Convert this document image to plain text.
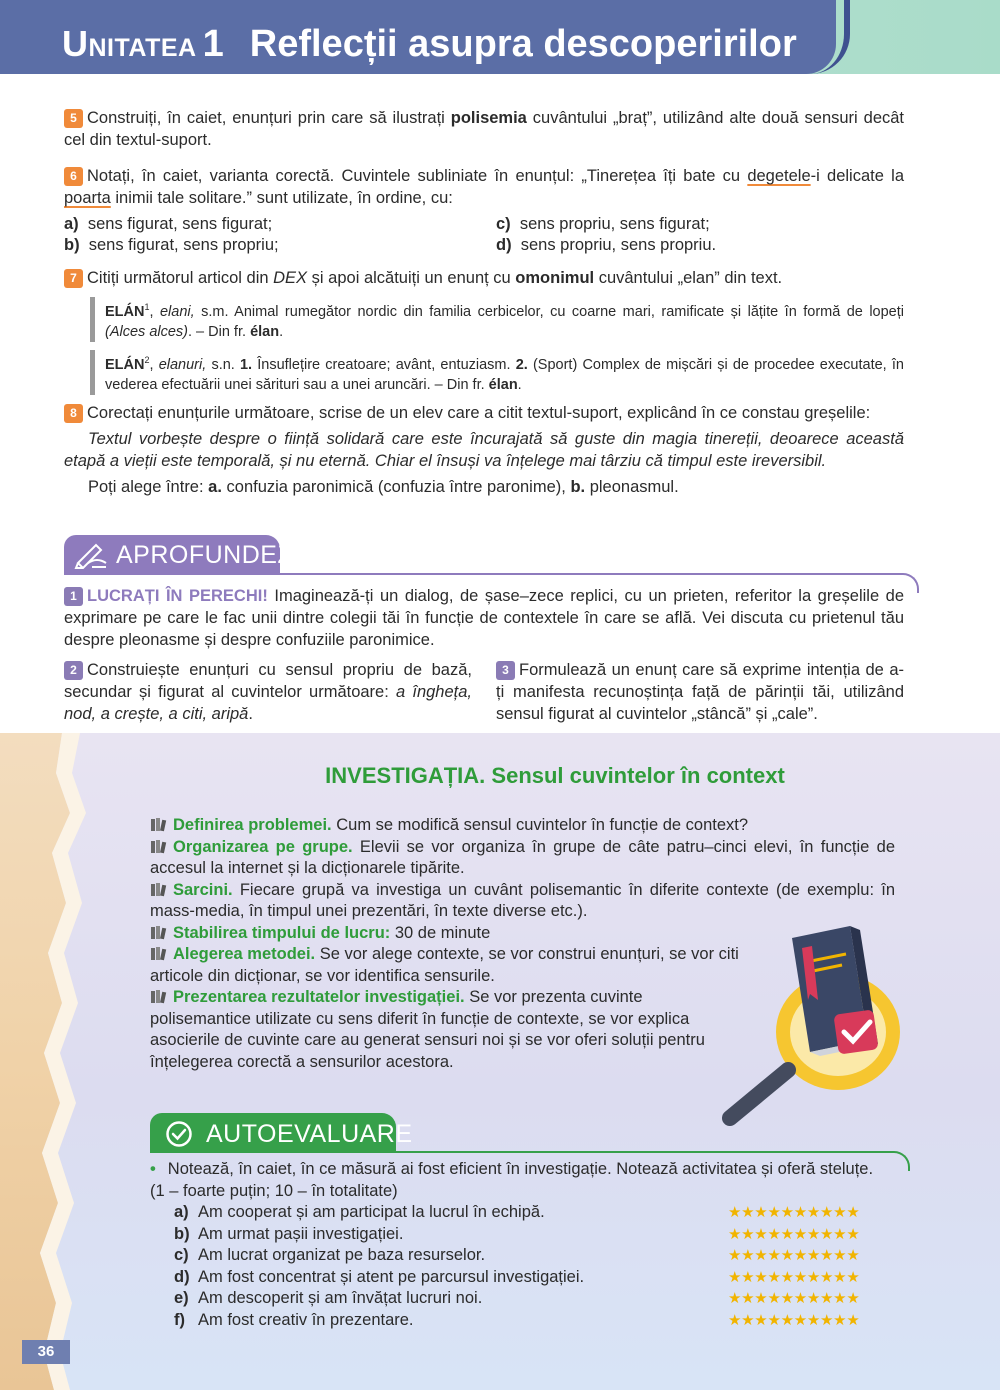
Unitatea 1 Reflecții asupra descoperirilor
5 Construiți, în caiet, enunțuri prin care să ilustrați polisemia cuvântului „braț”, utilizând alte două sensuri decât cel din textul-suport.
6 Notați, în caiet, varianta corectă. Cuvintele subliniate în enunțul: „Tinerețea îți bate cu degetele-i delicate la poarta inimii tale solitare.” sunt utilizate, în ordine, cu:
a) sens figurat, sens figurat;	c) sens propriu, sens figurat;
b) sens figurat, sens propriu;	d) sens propriu, sens propriu.
7 Citiți următorul articol din DEX și apoi alcătuiți un enunț cu omonimul cuvântului „elan” din text.
ELÁN$^1$, elani, s.m. Animal rumegător nordic din familia cerbicelor, cu coarne mari, ramificate și lățite în formă de lopeți (Alces alces). – Din fr. élan.
ELÁN$^2$, elanuri, s.n. 1. Însuflețire creatoare; avânt, entuziasm. 2. (Sport) Complex de mișcări și de procedee executate, în vederea efectuării unei sărituri sau a unei aruncări. – Din fr. élan.
8 Corectați enunțurile următoare, scrise de un elev care a citit textul-suport, explicând în ce constau greșelile:
Textul vorbește despre o ființă solidară care este încurajată să guste din magia tinereții, deoarece această etapă a vieții este temporală, și nu eternă. Chiar el însuși va înțelege mai târziu că timpul este ireversibil.
Poți alege între: a. confuzia paronimică (confuzia între paronime), b. pleonasmul.
APROFUNDEZ
1 LUCRAȚI ÎN PERECHI! Imaginează-ți un dialog, de șase–zece replici, cu un prieten, referitor la greșelile de exprimare pe care le fac unii dintre colegii tăi în funcție de contextele în care se află. Vei discuta cu prietenul tău despre pleonasme și despre confuziile paronimice.
2 Construiește enunțuri cu sensul propriu de bază, secundar și figurat al cuvintelor următoare: a îngheța, nod, a crește, a citi, aripă.
3 Formulează un enunț care să exprime intenția de a-ți manifesta recunoștința față de părinții tăi, utilizând sensul figurat al cuvintelor „stâncă” și „cale”.
INVESTIGAȚIA. Sensul cuvintelor în context
Definirea problemei. Cum se modifică sensul cuvintelor în funcție de context?
Organizarea pe grupe. Elevii se vor organiza în grupe de câte patru–cinci elevi, în funcție de accesul la internet și la dicționarele tipărite.
Sarcini. Fiecare grupă va investiga un cuvânt polisemantic în diferite contexte (de exemplu: în mass-media, în timpul unei prezentări, în texte diverse etc.).
Stabilirea timpului de lucru: 30 de minute
Alegerea metodei. Se vor alege contexte, se vor construi enunțuri, se vor citi articole din dicționar, se vor identifica sensurile.
Prezentarea rezultatelor investigației. Se vor prezenta cuvinte polisemantice utilizate cu sens diferit în funcție de contexte, se vor explica asocierile de cuvinte care au generat sensuri noi și se vor oferi soluții pentru înțelegerea corectă a sensurilor acestora.
AUTOEVALUARE
• Notează, în caiet, în ce măsură ai fost eficient în investigație. Notează activitatea și oferă steluțe.
(1 – foarte puțin; 10 – în totalitate)
a) Am cooperat și am participat la lucrul în echipă.	★★★★★★★★★★
b) Am urmat pașii investigației.	★★★★★★★★★★
c) Am lucrat organizat pe baza resurselor.	★★★★★★★★★★
d) Am fost concentrat și atent pe parcursul investigației.	★★★★★★★★★★
e) Am descoperit și am învățat lucruri noi.	★★★★★★★★★★
f) Am fost creativ în prezentare.	★★★★★★★★★★
36
